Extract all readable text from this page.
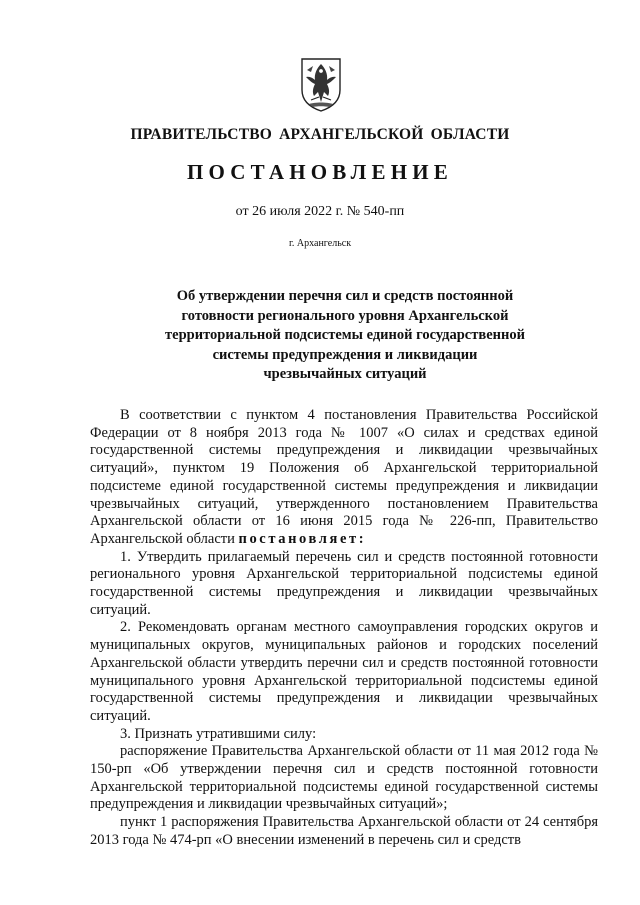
ПРАВИТЕЛЬСТВО АРХАНГЕЛЬСКОЙ ОБЛАСТИ
ПОСТАНОВЛЕНИЕ
от 26 июля 2022 г. № 540-пп
г. Архангельск
Об утверждении перечня сил и средств постоянной
готовности регионального уровня Архангельской
территориальной подсистемы единой государственной
системы предупреждения и ликвидации
чрезвычайных ситуаций

В соответствии с пунктом 4 постановления Правительства Российской Федерации от 8 ноября 2013 года № 1007 «О силах и средствах единой государственной системы предупреждения и ликвидации чрезвычайных ситуаций», пунктом 19 Положения об Архангельской территориальной подсистеме единой государственной системы предупреждения и ликвидации чрезвычайных ситуаций, утвержденного постановлением Правительства Архангельской области от 16 июня 2015 года № 226-пп, Правительство Архангельской области постановляет:

1. Утвердить прилагаемый перечень сил и средств постоянной готовности регионального уровня Архангельской территориальной подсистемы единой государственной системы предупреждения и ликвидации чрезвычайных ситуаций.

2. Рекомендовать органам местного самоуправления городских округов и муниципальных округов, муниципальных районов и городских поселений Архангельской области утвердить перечни сил и средств постоянной готовности муниципального уровня Архангельской территориальной подсистемы единой государственной системы предупреждения и ликвидации чрезвычайных ситуаций.

3. Признать утратившими силу:

распоряжение Правительства Архангельской области от 11 мая 2012 года № 150-рп «Об утверждении перечня сил и средств постоянной готовности Архангельской территориальной подсистемы единой государственной системы предупреждения и ликвидации чрезвычайных ситуаций»;

пункт 1 распоряжения Правительства Архангельской области от 24 сентября 2013 года № 474-рп «О внесении изменений в перечень сил и средств
